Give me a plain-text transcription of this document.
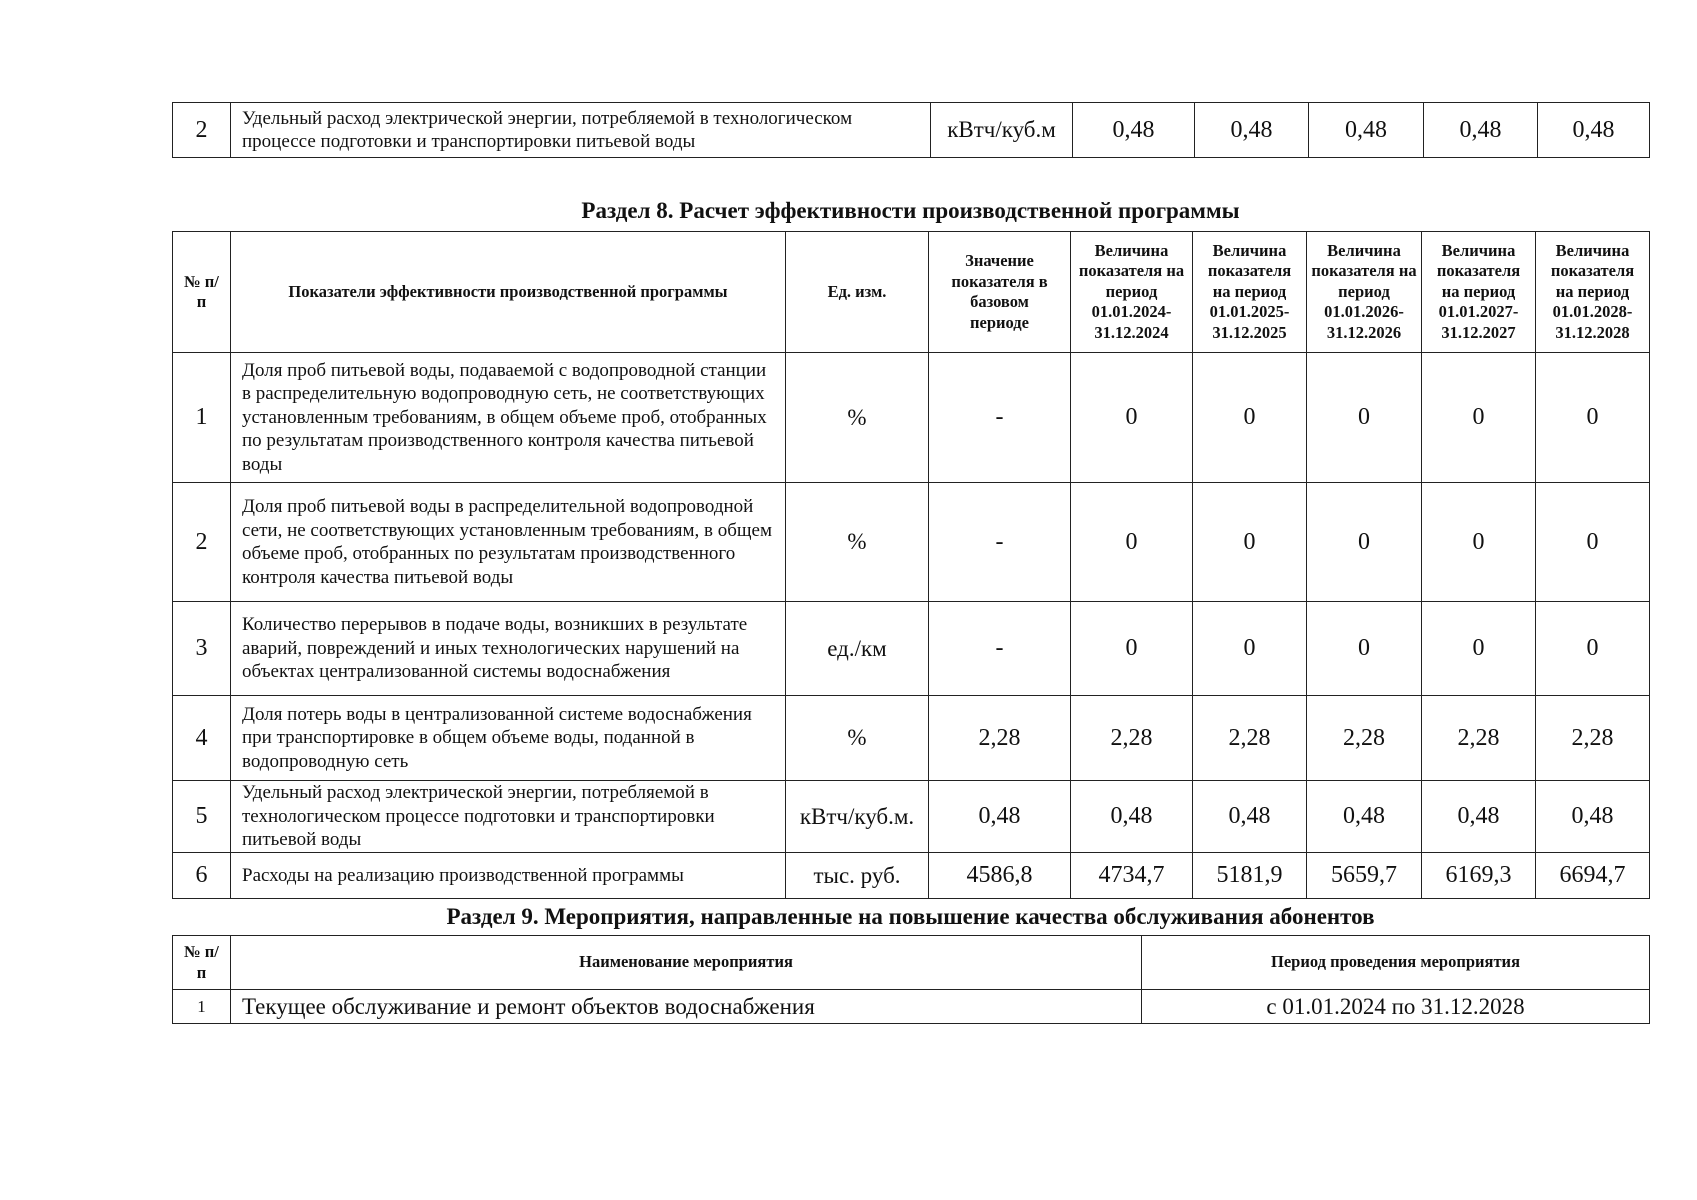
2	Удельный расход электрической энергии, потребляемой в технологическом процессе подготовки и транспортировки питьевой воды	кВтч/куб.м	0,48	0,48	0,48	0,48	0,48
Раздел 8. Расчет эффективности производственной программы
№ п/п	Показатели эффективности производственной программы	Ед. изм.	Значение показателя в базовом периоде	Величина показателя на период 01.01.2024-31.12.2024	Величина показателя на период 01.01.2025-31.12.2025	Величина показателя на период 01.01.2026-31.12.2026	Величина показателя на период 01.01.2027-31.12.2027	Величина показателя на период 01.01.2028-31.12.2028
1	Доля проб питьевой воды, подаваемой с водопроводной станции в распределительную водопроводную сеть, не соответствующих установленным требованиям, в общем объеме проб, отобранных по результатам производственного контроля качества питьевой воды	%	-	0	0	0	0	0
2	Доля проб питьевой воды в распределительной водопроводной сети, не соответствующих установленным требованиям, в общем объеме проб, отобранных по результатам производственного контроля качества питьевой воды	%	-	0	0	0	0	0
3	Количество перерывов в подаче воды, возникших в результате аварий, повреждений и иных технологических нарушений на объектах централизованной системы водоснабжения	ед./км	-	0	0	0	0	0
4	Доля потерь воды в централизованной системе водоснабжения при транспортировке в общем объеме воды, поданной в водопроводную сеть	%	2,28	2,28	2,28	2,28	2,28	2,28
5	Удельный расход электрической энергии, потребляемой в технологическом процессе подготовки и транспортировки питьевой воды	кВтч/куб.м.	0,48	0,48	0,48	0,48	0,48	0,48
6	Расходы на реализацию производственной программы	тыс. руб.	4586,8	4734,7	5181,9	5659,7	6169,3	6694,7
Раздел 9. Мероприятия, направленные на повышение качества обслуживания абонентов
№ п/п	Наименование мероприятия	Период проведения мероприятия
1	Текущее обслуживание и ремонт объектов водоснабжения	с 01.01.2024 по 31.12.2028
